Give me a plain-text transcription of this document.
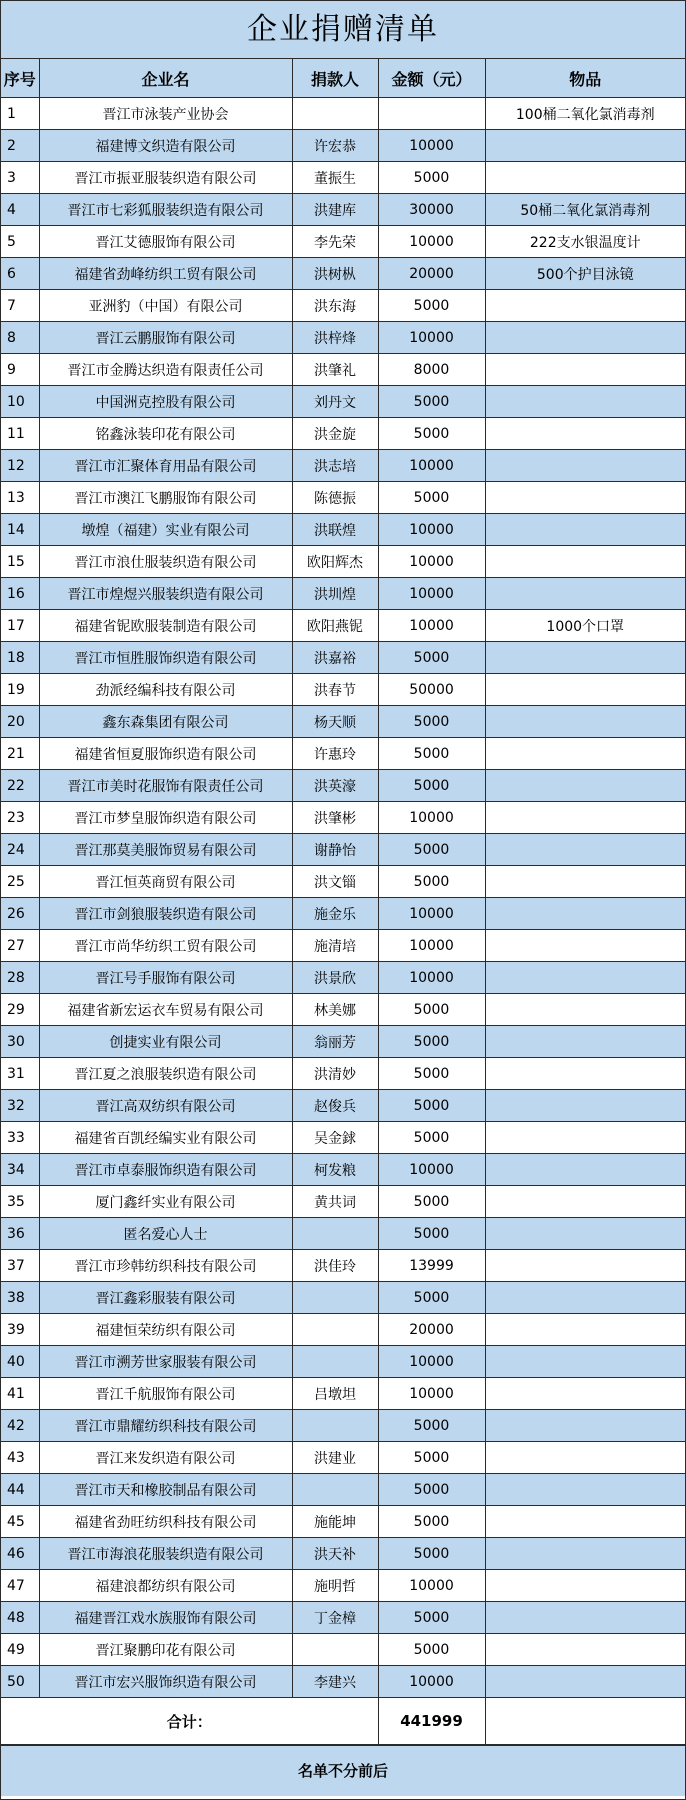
企业捐赠清单
序号	企业名	捐款人	金额（元）	物品
1	晋江市泳装产业协会			100桶二氧化氯消毒剂
2	福建博文织造有限公司	许宏恭	10000	
3	晋江市振亚服装织造有限公司	董振生	5000	
4	晋江市七彩狐服装织造有限公司	洪建库	30000	50桶二氧化氯消毒剂
5	晋江艾德服饰有限公司	李先荣	10000	222支水银温度计
6	福建省劲峰纺织工贸有限公司	洪树枞	20000	500个护目泳镜
7	亚洲豹（中国）有限公司	洪东海	5000	
8	晋江云鹏服饰有限公司	洪梓烽	10000	
9	晋江市金腾达织造有限责任公司	洪肇礼	8000	
10	中国洲克控股有限公司	刘丹文	5000	
11	铭鑫泳装印花有限公司	洪金旋	5000	
12	晋江市汇聚体育用品有限公司	洪志培	10000	
13	晋江市澳江飞鹏服饰有限公司	陈德振	5000	
14	墩煌（福建）实业有限公司	洪联煌	10000	
15	晋江市浪仕服装织造有限公司	欧阳辉杰	10000	
16	晋江市煌煜兴服装织造有限公司	洪圳煌	10000	
17	福建省铌欧服装制造有限公司	欧阳燕铌	10000	1000个口罩
18	晋江市恒胜服饰织造有限公司	洪嘉裕	5000	
19	劲派经编科技有限公司	洪春节	50000	
20	鑫东森集团有限公司	杨天顺	5000	
21	福建省恒夏服饰织造有限公司	许惠玲	5000	
22	晋江市美时花服饰有限责任公司	洪英濠	5000	
23	晋江市梦皇服饰织造有限公司	洪肇彬	10000	
24	晋江那莫美服饰贸易有限公司	谢静怡	5000	
25	晋江恒英商贸有限公司	洪文锱	5000	
26	晋江市剑狼服装织造有限公司	施金乐	10000	
27	晋江市尚华纺织工贸有限公司	施清培	10000	
28	晋江号手服饰有限公司	洪景欣	10000	
29	福建省新宏运衣车贸易有限公司	林美娜	5000	
30	创捷实业有限公司	翁丽芳	5000	
31	晋江夏之浪服装织造有限公司	洪清妙	5000	
32	晋江高双纺织有限公司	赵俊兵	5000	
33	福建省百凯经编实业有限公司	吴金銶	5000	
34	晋江市卓泰服饰织造有限公司	柯发粮	10000	
35	厦门鑫纤实业有限公司	黄共词	5000	
36	匿名爱心人士		5000	
37	晋江市珍韩纺织科技有限公司	洪佳玲	13999	
38	晋江鑫彩服装有限公司		5000	
39	福建恒荣纺织有限公司		20000	
40	晋江市溯芳世家服装有限公司		10000	
41	晋江千航服饰有限公司	吕墩坦	10000	
42	晋江市鼎耀纺织科技有限公司		5000	
43	晋江来发织造有限公司	洪建业	5000	
44	晋江市天和橡胶制品有限公司		5000	
45	福建省劲旺纺织科技有限公司	施能坤	5000	
46	晋江市海浪花服装织造有限公司	洪天补	5000	
47	福建浪都纺织有限公司	施明哲	10000	
48	福建晋江戏水族服饰有限公司	丁金樟	5000	
49	晋江聚鹏印花有限公司		5000	
50	晋江市宏兴服饰织造有限公司	李建兴	10000	
合计：			441999	
名单不分前后
